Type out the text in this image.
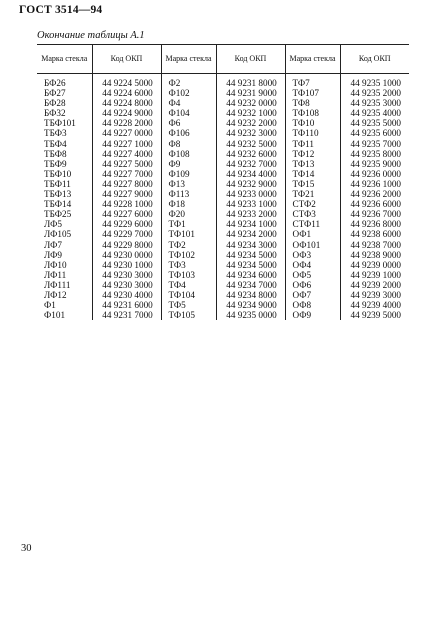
ГОСТ 3514—94
Окончание таблицы А.1
Марка стекла	Код ОКП	Марка стекла	Код ОКП	Марка стекла	Код ОКП
БФ26	44 9224 5000	Ф2	44 9231 8000	ТФ7	44 9235 1000
БФ27	44 9224 6000	Ф102	44 9231 9000	ТФ107	44 9235 2000
БФ28	44 9224 8000	Ф4	44 9232 0000	ТФ8	44 9235 3000
БФ32	44 9224 9000	Ф104	44 9232 1000	ТФ108	44 9235 4000
ТБФ101	44 9228 2000	Ф6	44 9232 2000	ТФ10	44 9235 5000
ТБФ3	44 9227 0000	Ф106	44 9232 3000	ТФ110	44 9235 6000
ТБФ4	44 9227 1000	Ф8	44 9232 5000	ТФ11	44 9235 7000
ТБФ8	44 9227 4000	Ф108	44 9232 6000	ТФ12	44 9235 8000
ТБФ9	44 9227 5000	Ф9	44 9232 7000	ТФ13	44 9235 9000
ТБФ10	44 9227 7000	Ф109	44 9234 4000	ТФ14	44 9236 0000
ТБФ11	44 9227 8000	Ф13	44 9232 9000	ТФ15	44 9236 1000
ТБФ13	44 9227 9000	Ф113	44 9233 0000	ТФ21	44 9236 2000
ТБФ14	44 9228 1000	Ф18	44 9233 1000	СТФ2	44 9236 6000
ТБФ25	44 9227 6000	Ф20	44 9233 2000	СТФ3	44 9236 7000
ЛФ5	44 9229 6000	ТФ1	44 9234 1000	СТФ11	44 9236 8000
ЛФ105	44 9229 7000	ТФ101	44 9234 2000	ОФ1	44 9238 6000
ЛФ7	44 9229 8000	ТФ2	44 9234 3000	ОФ101	44 9238 7000
ЛФ9	44 9230 0000	ТФ102	44 9234 5000	ОФ3	44 9238 9000
ЛФ10	44 9230 1000	ТФ3	44 9234 5000	ОФ4	44 9239 0000
ЛФ11	44 9230 3000	ТФ103	44 9234 6000	ОФ5	44 9239 1000
ЛФ111	44 9230 3000	ТФ4	44 9234 7000	ОФ6	44 9239 2000
ЛФ12	44 9230 4000	ТФ104	44 9234 8000	ОФ7	44 9239 3000
Ф1	44 9231 6000	ТФ5	44 9234 9000	ОФ8	44 9239 4000
Ф101	44 9231 7000	ТФ105	44 9235 0000	ОФ9	44 9239 5000
30
